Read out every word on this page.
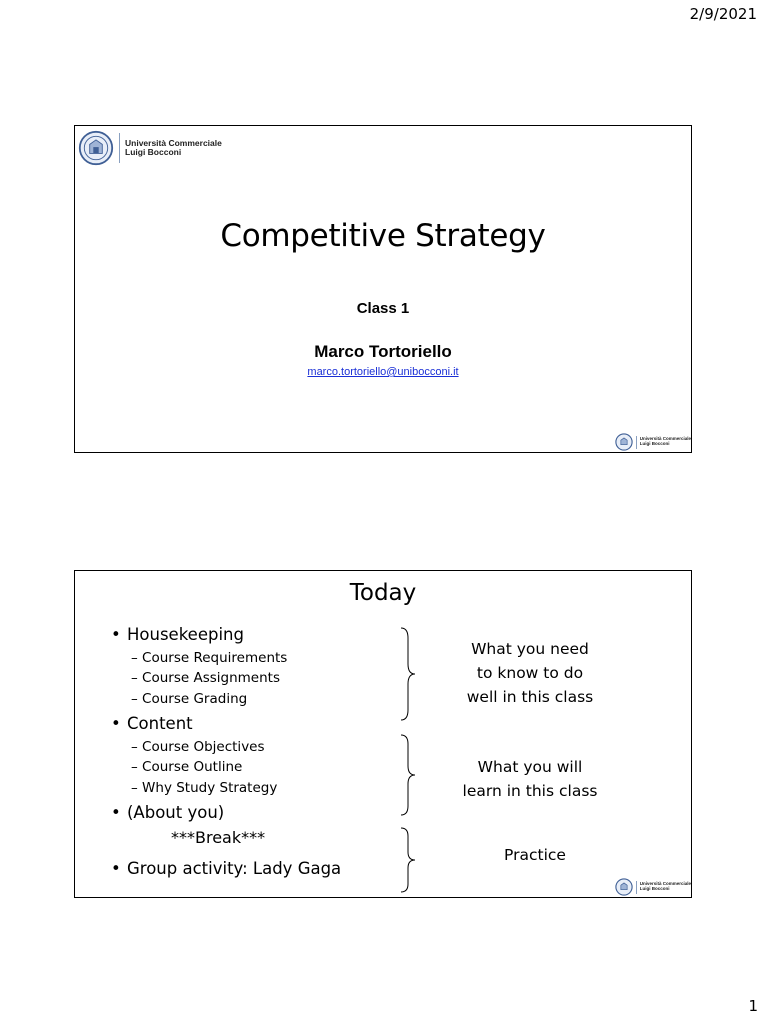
2/9/2021
Università Commerciale
Luigi Bocconi
Competitive Strategy
Class 1
Marco Tortoriello
marco.tortoriello@unibocconi.it
Università Commerciale
Luigi Bocconi
Today
• Housekeeping
– Course Requirements
– Course Assignments
– Course Grading
• Content
– Course Objectives
– Course Outline
– Why Study Strategy
• (About you)
***Break***
• Group activity: Lady Gaga
What you need
to know to do
well in this class
What you will
learn in this class
Practice
Università Commerciale
Luigi Bocconi
1
